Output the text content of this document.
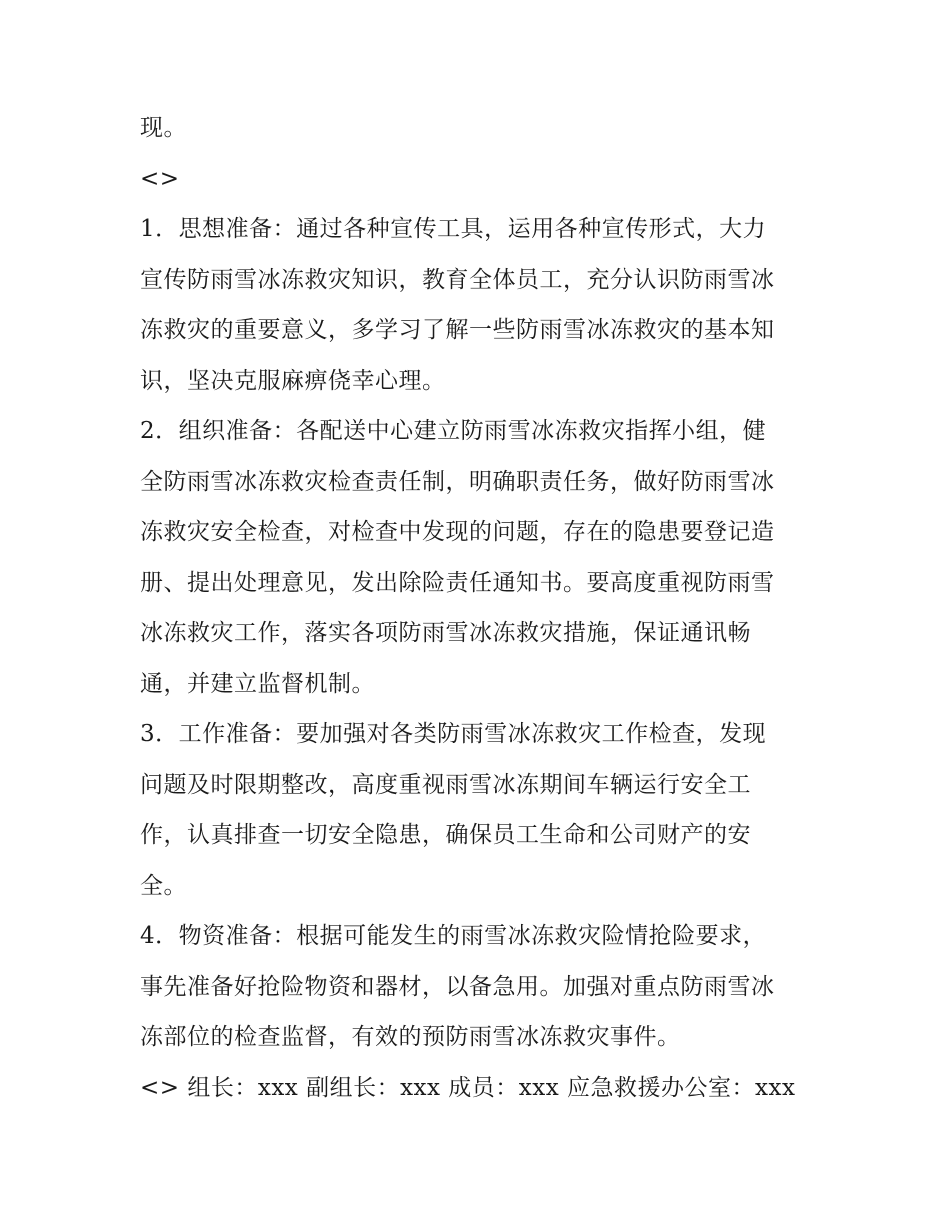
现。

<>

1．思想准备：通过各种宣传工具，运用各种宣传形式，大力
宣传防雨雪冰冻救灾知识，教育全体员工，充分认识防雨雪冰
冻救灾的重要意义，多学习了解一些防雨雪冰冻救灾的基本知
识，坚决克服麻痹侥幸心理。

2．组织准备：各配送中心建立防雨雪冰冻救灾指挥小组，健
全防雨雪冰冻救灾检查责任制，明确职责任务，做好防雨雪冰
冻救灾安全检查，对检查中发现的问题，存在的隐患要登记造
册、提出处理意见，发出除险责任通知书。要高度重视防雨雪
冰冻救灾工作，落实各项防雨雪冰冻救灾措施，保证通讯畅
通，并建立监督机制。

3．工作准备：要加强对各类防雨雪冰冻救灾工作检查，发现
问题及时限期整改，高度重视雨雪冰冻期间车辆运行安全工
作，认真排查一切安全隐患，确保员工生命和公司财产的安
全。

4．物资准备：根据可能发生的雨雪冰冻救灾险情抢险要求，
事先准备好抢险物资和器材，以备急用。加强对重点防雨雪冰
冻部位的检查监督，有效的预防雨雪冰冻救灾事件。

<> 组长：xxx 副组长：xxx 成员：xxx 应急救援办公室：xxx
